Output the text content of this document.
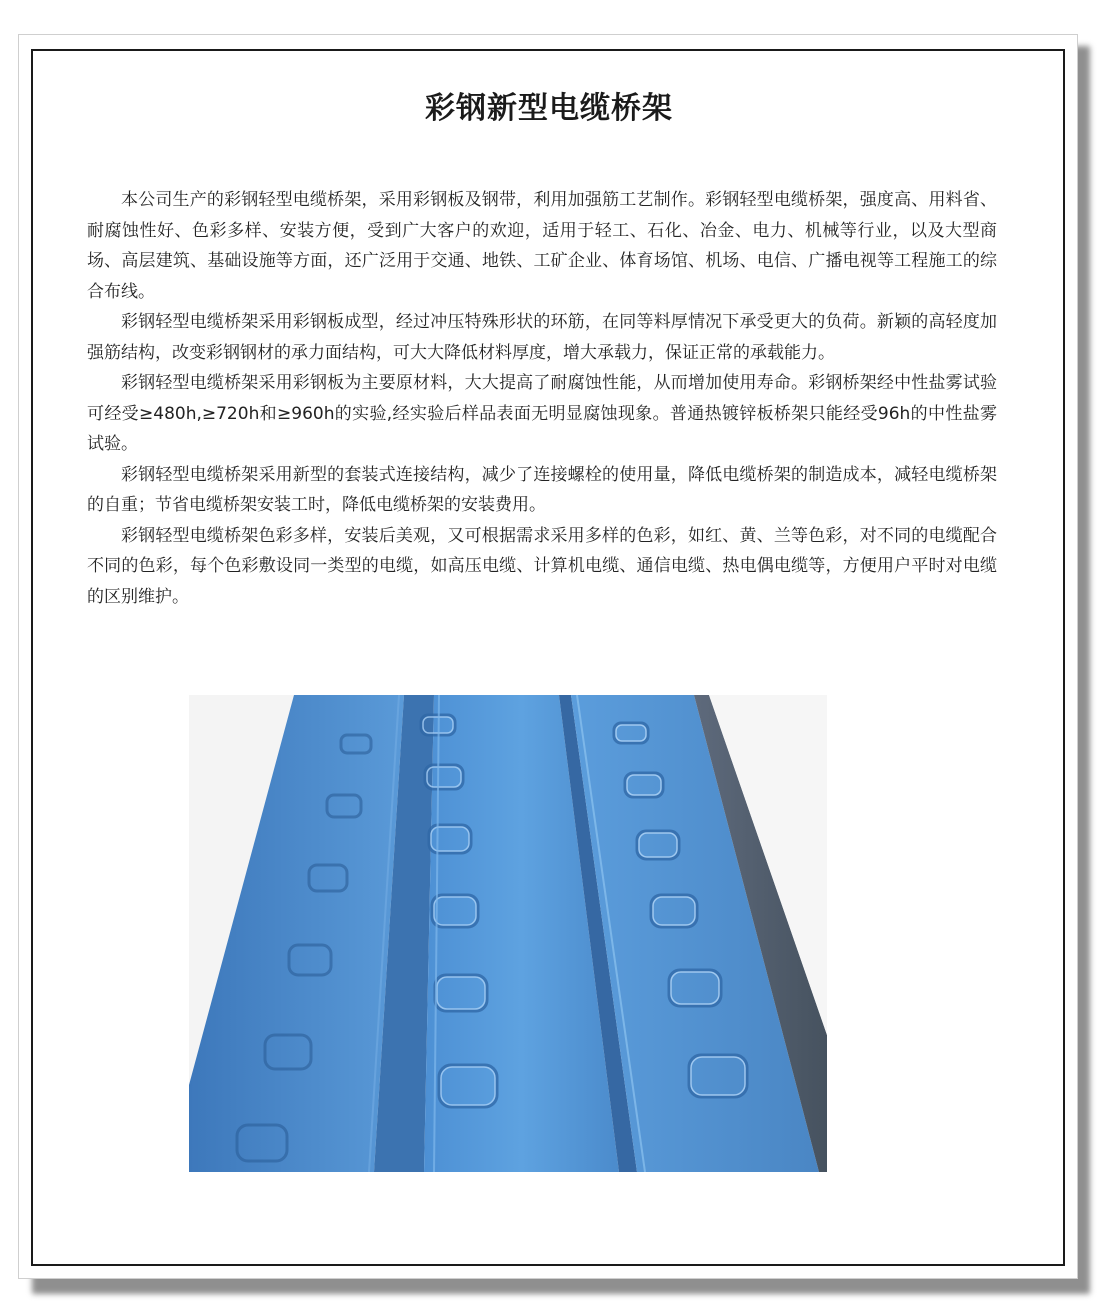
彩钢新型电缆桥架

本公司生产的彩钢轻型电缆桥架，采用彩钢板及钢带，利用加强筋工艺制作。彩钢轻型电缆桥架，强度高、用料省、耐腐蚀性好、色彩多样、安装方便，受到广大客户的欢迎，适用于轻工、石化、冶金、电力、机械等行业，以及大型商场、高层建筑、基础设施等方面，还广泛用于交通、地铁、工矿企业、体育场馆、机场、电信、广播电视等工程施工的综合布线。

彩钢轻型电缆桥架采用彩钢板成型，经过冲压特殊形状的环筋，在同等料厚情况下承受更大的负荷。新颖的高轻度加强筋结构，改变彩钢钢材的承力面结构，可大大降低材料厚度，增大承载力，保证正常的承载能力。

彩钢轻型电缆桥架采用彩钢板为主要原材料，大大提高了耐腐蚀性能，从而增加使用寿命。彩钢桥架经中性盐雾试验可经受≥480h,≥720h和≥960h的实验,经实验后样品表面无明显腐蚀现象。普通热镀锌板桥架只能经受96h的中性盐雾试验。

彩钢轻型电缆桥架采用新型的套装式连接结构，减少了连接螺栓的使用量，降低电缆桥架的制造成本，减轻电缆桥架的自重；节省电缆桥架安装工时，降低电缆桥架的安装费用。

彩钢轻型电缆桥架色彩多样，安装后美观，又可根据需求采用多样的色彩，如红、黄、兰等色彩，对不同的电缆配合不同的色彩，每个色彩敷设同一类型的电缆，如高压电缆、计算机电缆、通信电缆、热电偶电缆等，方便用户平时对电缆的区别维护。
